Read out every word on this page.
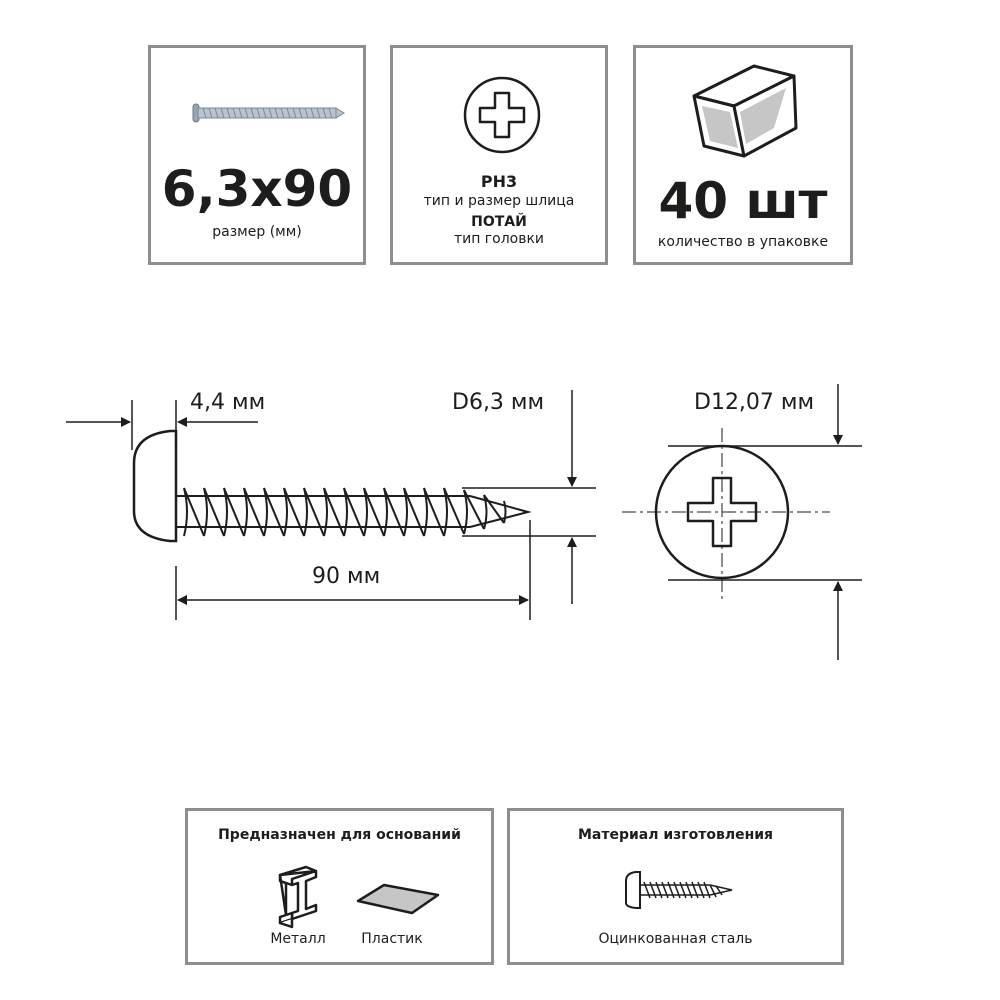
6,3x90
размер (мм)
PH3
тип и размер шлица
ПОТАЙ
тип головки
40 шт
количество в упаковке
4,4 мм	D6,3 мм
90 мм
D12,07 мм
Предназначен для оснований
Металл	Пластик
Материал изготовления
Оцинкованная сталь
